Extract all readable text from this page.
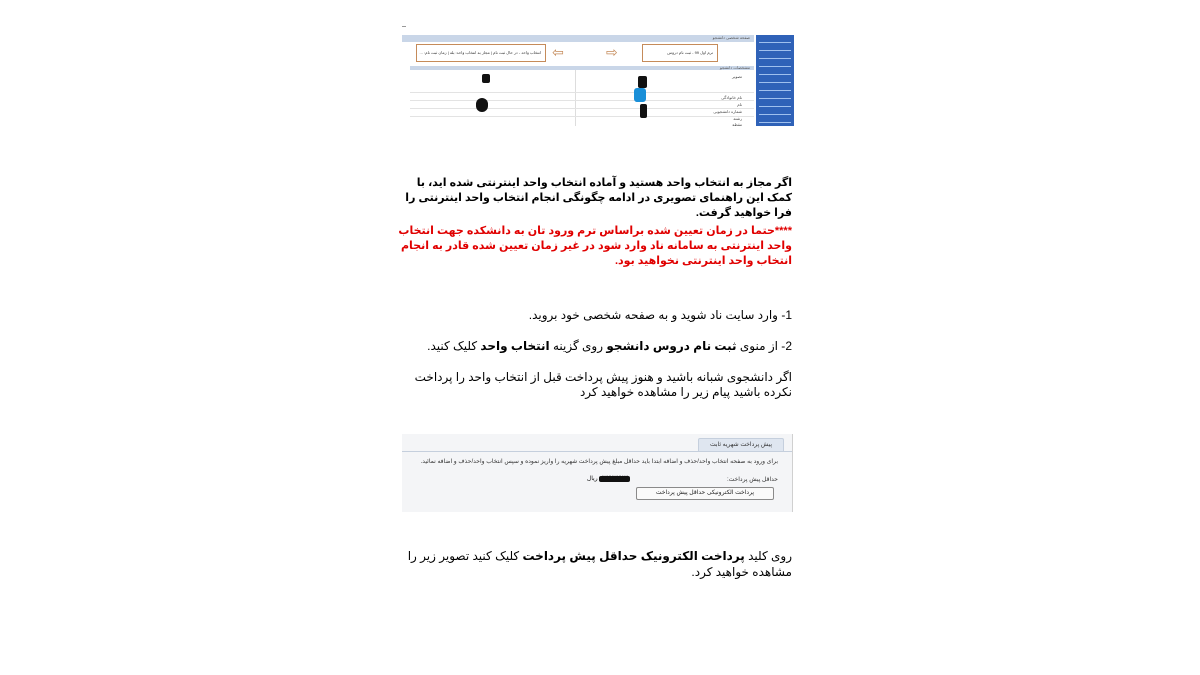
صفحه شخصی دانشجو
انتخاب واحد - در حال ثبت نام | مجاز به انتخاب واحد: بله | زمان ثبت نام: ... ⇦	⇨	ترم اول 99 - ثبت نام دروس
مشخصات دانشجو
تصویر
نام خانوادگی
نام
شماره دانشجویی
رشته
مقطع
اگر مجاز به انتخاب واحد هستید و آماده انتخاب واحد اینترنتی شده اید، با کمک این راهنمای تصویری در ادامه چگونگی انجام انتخاب واحد اینترنتی را فرا خواهید گرفت.
****حتما در زمان تعیین شده براساس ترم ورود تان به دانشکده جهت انتخاب واحد اینترنتی به سامانه ناد وارد شود در غیر زمان تعیین شده قادر به انجام انتخاب واحد اینترنتی نخواهید بود.
1- وارد سایت ناد شوید و به صفحه شخصی خود بروید.
2- از منوی ثبت نام دروس دانشجو روی گزینه انتخاب واحد کلیک کنید.
اگر دانشجوی شبانه باشید و هنوز پیش پرداخت قبل از انتخاب واحد را پرداخت نکرده باشید پیام زیر را مشاهده خواهید کرد
پیش پرداخت شهریه ثابت
برای ورود به صفحه انتخاب واحد/حذف و اضافه ابتدا باید حداقل مبلغ پیش پرداخت شهریه را واریز نموده و سپس انتخاب واحد/حذف و اضافه نمائید.
حداقل پیش پرداخت:
######## ریال
پرداخت الکترونیکی حداقل پیش پرداخت
روی کلید پرداخت الکترونیک حداقل پیش پرداخت کلیک کنید تصویر زیر را مشاهده خواهید کرد.
